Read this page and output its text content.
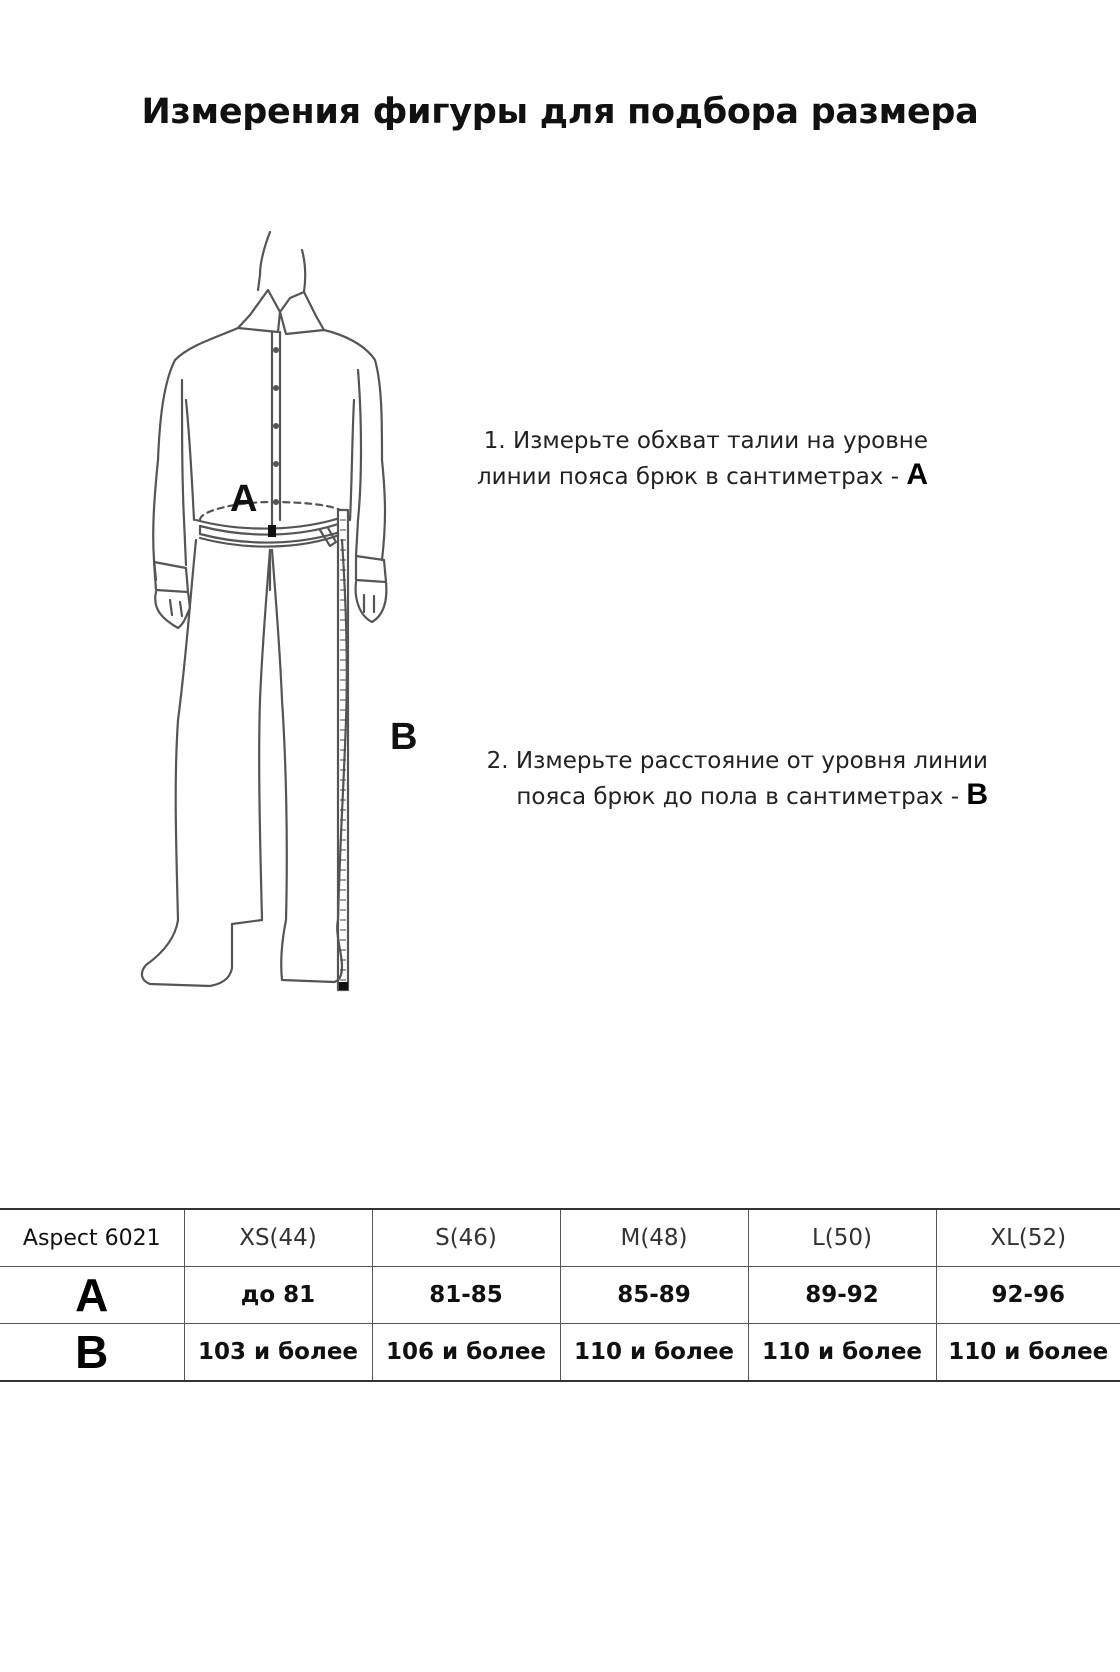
Измерения фигуры для подбора размера
A
B
1. Измерьте обхват талии на уровне
линии пояса брюк в сантиметрах - A
2. Измерьте расстояние от уровня линии
пояса брюк до пола в сантиметрах - B
Aspect 6021	XS(44)	S(46)	M(48)	L(50)	XL(52)
A	до 81	81-85	85-89	89-92	92-96
B	103 и более	106 и более	110 и более	110 и более	110 и более
